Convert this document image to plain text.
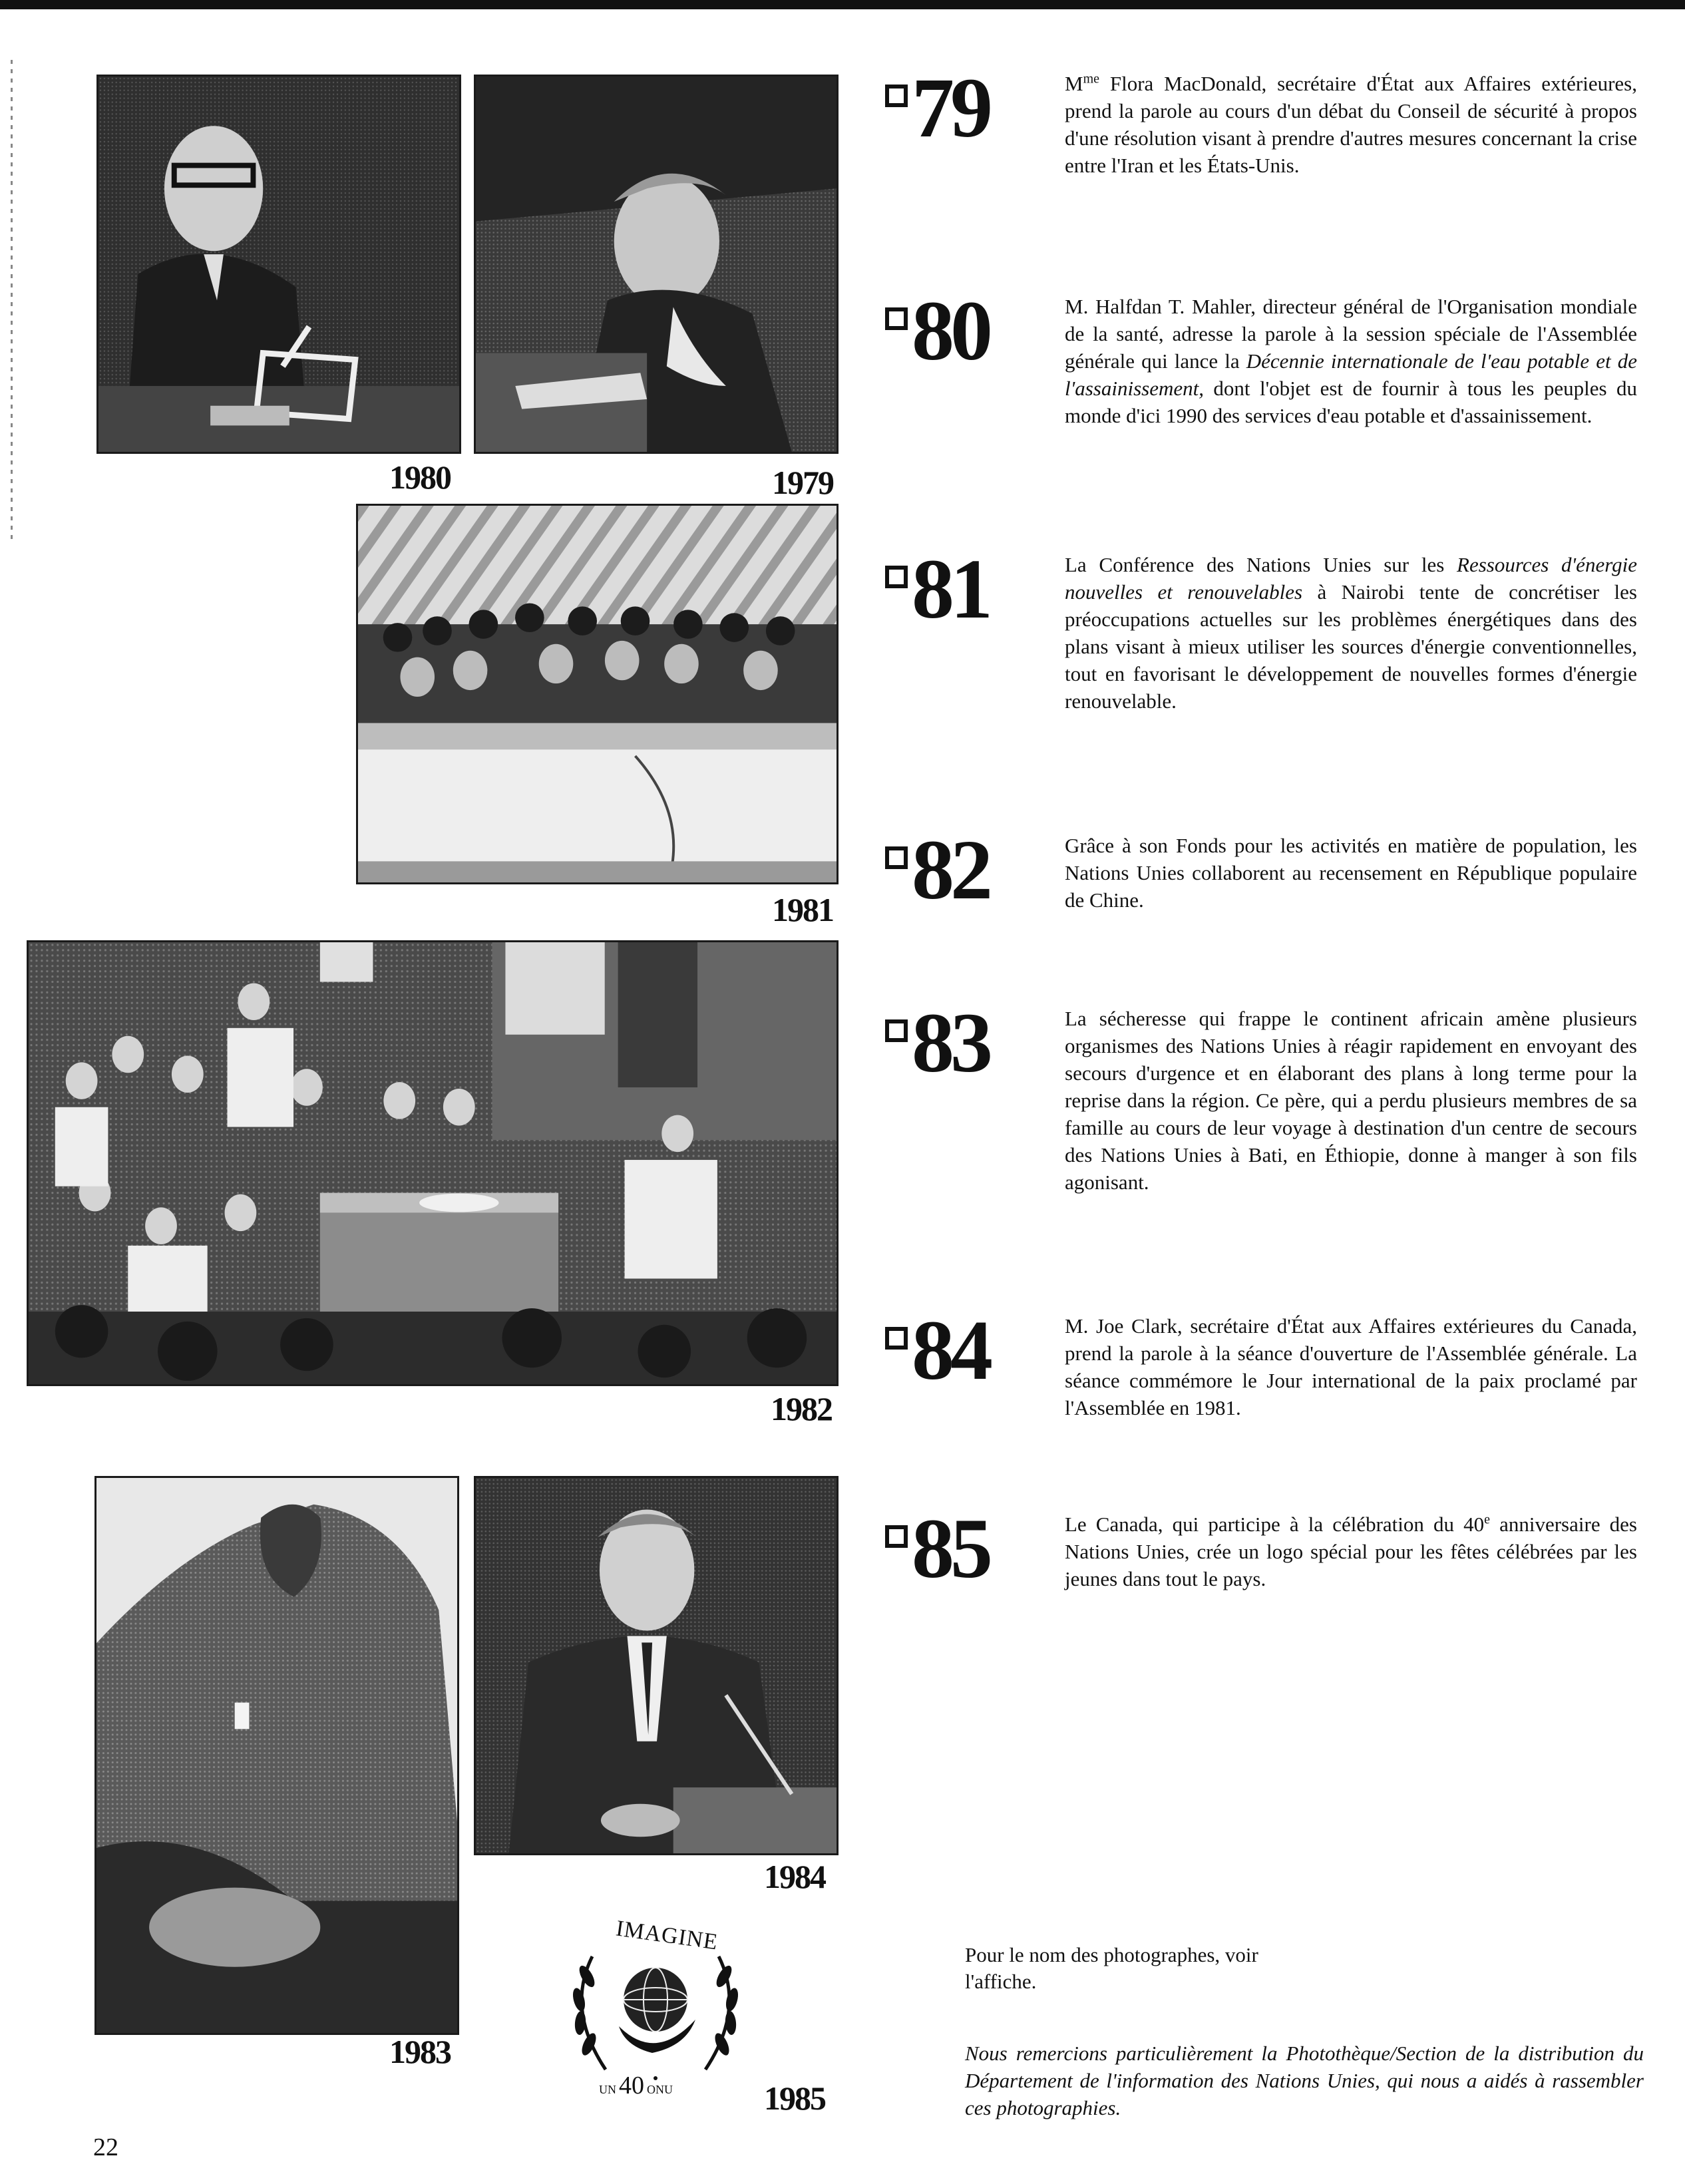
1980	1979
1981
1982
1983
1984
IMAGINE
UN 40 ONU	1985
79	$M^{me}$ Flora MacDonald, secrétaire d'État aux Affaires extérieures, prend la parole au cours d'un débat du Conseil de sécurité à propos d'une résolution visant à prendre d'autres mesures concernant la crise entre l'Iran et les États-Unis.
80	M. Halfdan T. Mahler, directeur général de l'Organisation mondiale de la santé, adresse la parole à la session spéciale de l'Assemblée générale qui lance la Décennie internationale de l'eau potable et de l'assainissement, dont l'objet est de fournir à tous les peuples du monde d'ici 1990 des services d'eau potable et d'assainissement.
81	La Conférence des Nations Unies sur les Ressources d'énergie nouvelles et renouvelables à Nairobi tente de concrétiser les préoccupations actuelles sur les problèmes énergétiques dans des plans visant à mieux utiliser les sources d'énergie conventionnelles, tout en favorisant le développement de nouvelles formes d'énergie renouvelable.
82	Grâce à son Fonds pour les activités en matière de population, les Nations Unies collaborent au recensement en République populaire de Chine.
83	La sécheresse qui frappe le continent africain amène plusieurs organismes des Nations Unies à réagir rapidement en envoyant des secours d'urgence et en élaborant des plans à long terme pour la reprise dans la région. Ce père, qui a perdu plusieurs membres de sa famille au cours de leur voyage à destination d'un centre de secours des Nations Unies à Bati, en Éthiopie, donne à manger à son fils agonisant.
84	M. Joe Clark, secrétaire d'État aux Affaires extérieures du Canada, prend la parole à la séance d'ouverture de l'Assemblée générale. La séance commémore le Jour international de la paix proclamé par l'Assemblée en 1981.
85	Le Canada, qui participe à la célébration du 40e anniversaire des Nations Unies, crée un logo spécial pour les fêtes célébrées par les jeunes dans tout le pays.
Pour le nom des photographes, voir
l'affiche.
Nous remercions particulièrement la Photothèque/Section de la distribution du Département de l'information des Nations Unies, qui nous a aidés à rassembler ces photographies.
22
